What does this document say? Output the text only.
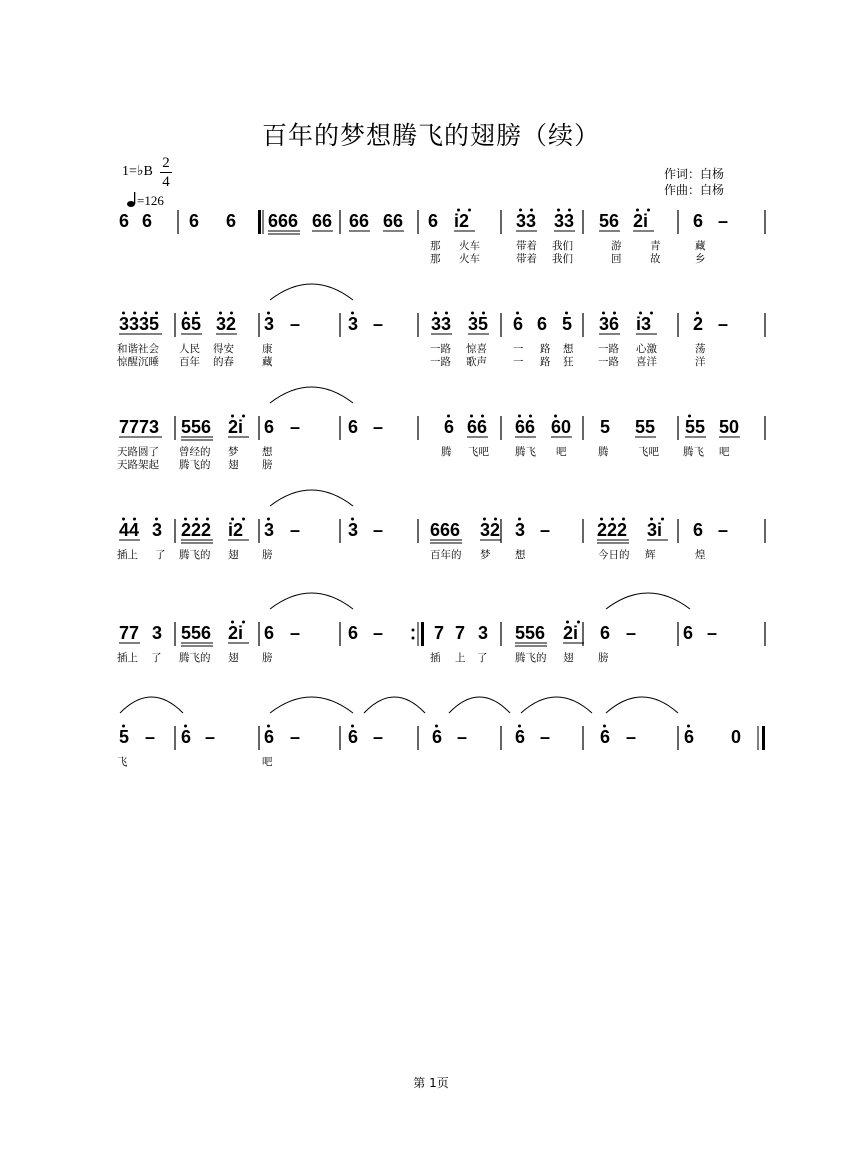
百年的梦想腾飞的翅膀（续）
1=♭B
2
4
=126
作词：白杨
作曲：白杨
6 6 6 6 666 66 66 66 6 i2	33 33 56 2i 6 –
那 火车	带着 我们	游	青	藏
那 火车	带着 我们	回	故	乡
3335 65 32 3 –	3 –	33 35 6 6 5 36 i3 2 –
和谐社会 人民 得安	康	一路 惊喜 一 路 想 一路 心激	荡
惊醒沉睡 百年 的春	藏	一路 歌声 一 路 狂 一路 喜洋	洋
7773 556 2i 6 –	6 –	6 66 66 60 5 55 55 50
天路圆了 曾经的 梦 想	腾 飞吧 腾飞 吧	腾	飞吧 腾飞 吧
天路架起 腾飞的 翅 膀
44 3 222 i2 3 –	3 –	666 32 3 –	222 3i 6 –
插上 了 腾飞的 翅 膀	百年的 梦 想	今日的 辉	煌
77 3 556 2i 6 –	6 –	7 7 3 556 2i 6 –	6 –
插上 了 腾飞的 翅 膀	插 上 了	腾飞的 翅 膀
5 – 6 –	6 –	6 –	6 –	6 –	6 –	6 0
飞	吧
第 1页
